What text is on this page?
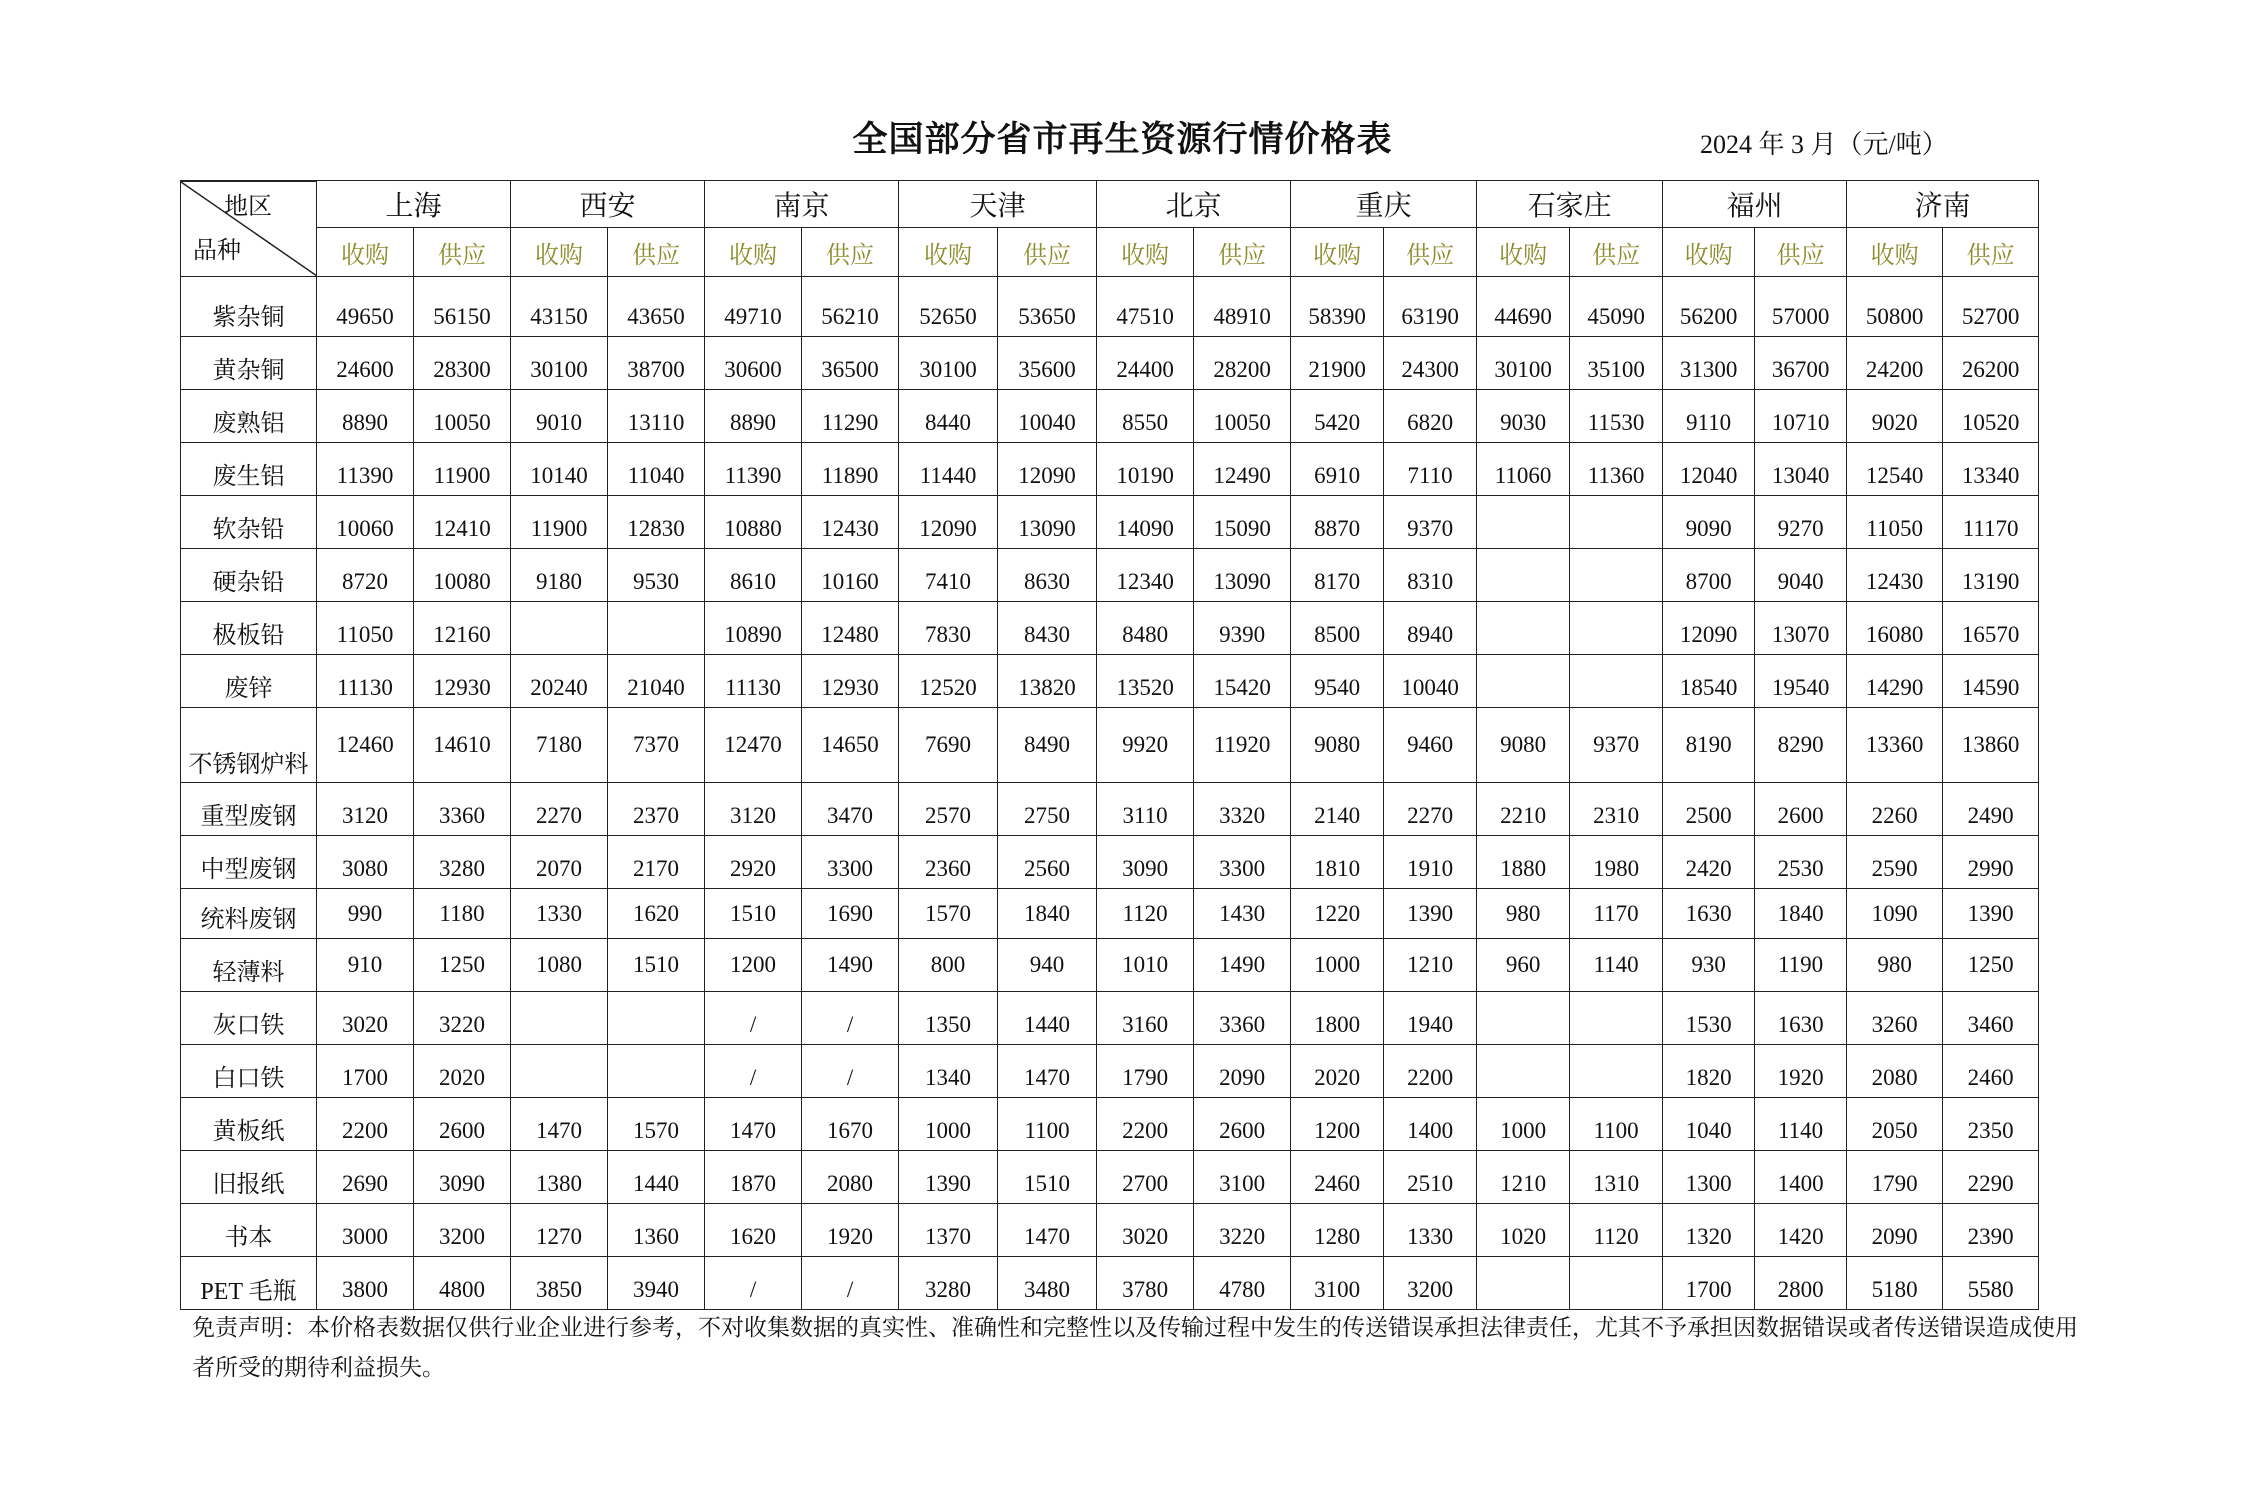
全国部分省市再生资源行情价格表	2024 年 3 月（元/吨）
地区
品种	上海		西安		南京		天津		北京		重庆		石家庄		福州		济南	
	收购	供应	收购	供应	收购	供应	收购	供应	收购	供应	收购	供应	收购	供应	收购	供应	收购	供应
紫杂铜	49650	56150	43150	43650	49710	56210	52650	53650	47510	48910	58390	63190	44690	45090	56200	57000	50800	52700
黄杂铜	24600	28300	30100	38700	30600	36500	30100	35600	24400	28200	21900	24300	30100	35100	31300	36700	24200	26200
废熟铝	8890	10050	9010	13110	8890	11290	8440	10040	8550	10050	5420	6820	9030	11530	9110	10710	9020	10520
废生铝	11390	11900	10140	11040	11390	11890	11440	12090	10190	12490	6910	7110	11060	11360	12040	13040	12540	13340
软杂铅	10060	12410	11900	12830	10880	12430	12090	13090	14090	15090	8870	9370			9090	9270	11050	11170
硬杂铅	8720	10080	9180	9530	8610	10160	7410	8630	12340	13090	8170	8310			8700	9040	12430	13190
极板铅	11050	12160			10890	12480	7830	8430	8480	9390	8500	8940			12090	13070	16080	16570
废锌	11130	12930	20240	21040	11130	12930	12520	13820	13520	15420	9540	10040			18540	19540	14290	14590
不锈钢炉料	12460	14610	7180	7370	12470	14650	7690	8490	9920	11920	9080	9460	9080	9370	8190	8290	13360	13860
重型废钢	3120	3360	2270	2370	3120	3470	2570	2750	3110	3320	2140	2270	2210	2310	2500	2600	2260	2490
中型废钢	3080	3280	2070	2170	2920	3300	2360	2560	3090	3300	1810	1910	1880	1980	2420	2530	2590	2990
统料废钢	990	1180	1330	1620	1510	1690	1570	1840	1120	1430	1220	1390	980	1170	1630	1840	1090	1390
轻薄料	910	1250	1080	1510	1200	1490	800	940	1010	1490	1000	1210	960	1140	930	1190	980	1250
灰口铁	3020	3220			/	/	1350	1440	3160	3360	1800	1940			1530	1630	3260	3460
白口铁	1700	2020			/	/	1340	1470	1790	2090	2020	2200			1820	1920	2080	2460
黄板纸	2200	2600	1470	1570	1470	1670	1000	1100	2200	2600	1200	1400	1000	1100	1040	1140	2050	2350
旧报纸	2690	3090	1380	1440	1870	2080	1390	1510	2700	3100	2460	2510	1210	1310	1300	1400	1790	2290
书本	3000	3200	1270	1360	1620	1920	1370	1470	3020	3220	1280	1330	1020	1120	1320	1420	2090	2390
PET 毛瓶	3800	4800	3850	3940	/	/	3280	3480	3780	4780	3100	3200			1700	2800	5180	5580
免责声明：本价格表数据仅供行业企业进行参考，不对收集数据的真实性、准确性和完整性以及传输过程中发生的传送错误承担法律责任，尤其不予承担因数据错误或者传送错误造成使用者所受的期待利益损失。
